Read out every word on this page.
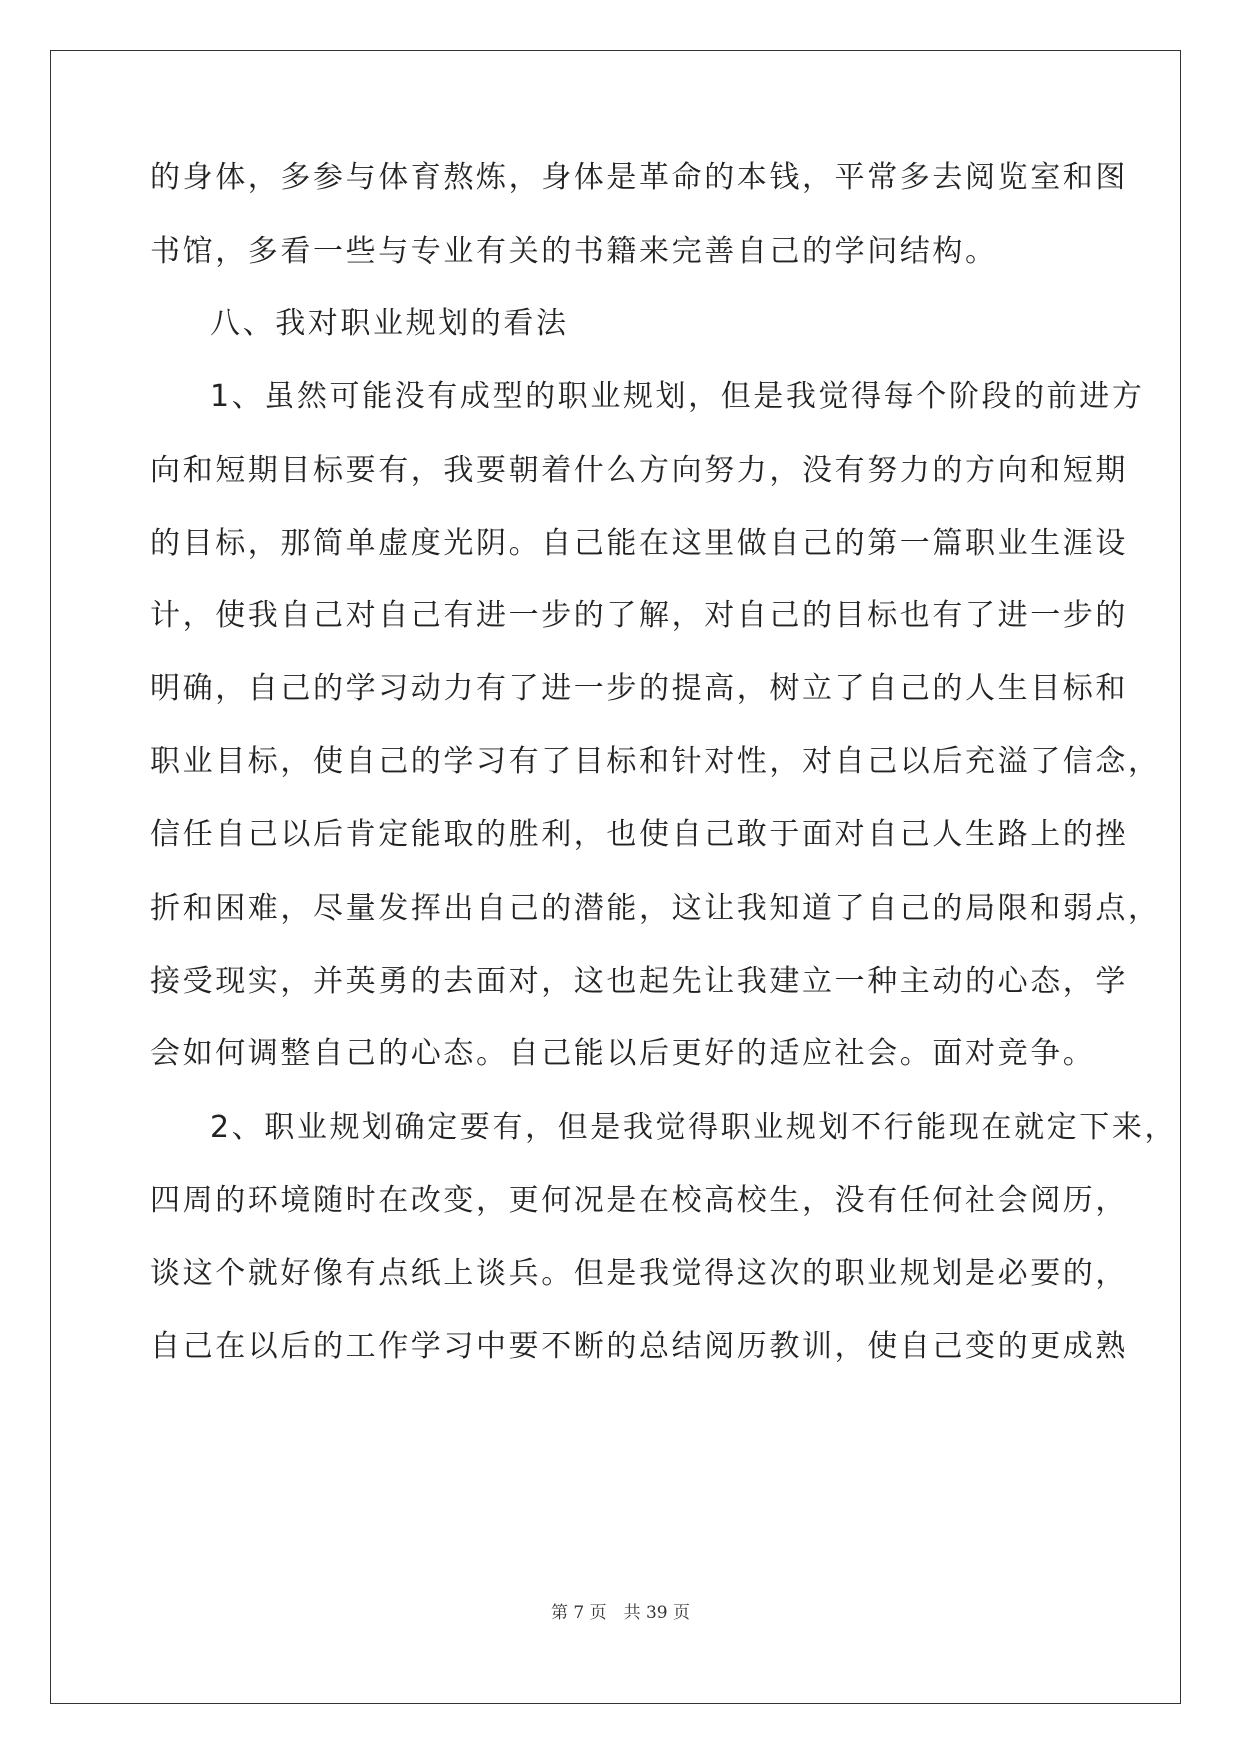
的身体，多参与体育熬炼，身体是革命的本钱，平常多去阅览室和图
书馆，多看一些与专业有关的书籍来完善自己的学问结构。
八、我对职业规划的看法
1、虽然可能没有成型的职业规划，但是我觉得每个阶段的前进方
向和短期目标要有，我要朝着什么方向努力，没有努力的方向和短期
的目标，那简单虚度光阴。自己能在这里做自己的第一篇职业生涯设
计，使我自己对自己有进一步的了解，对自己的目标也有了进一步的
明确，自己的学习动力有了进一步的提高，树立了自己的人生目标和
职业目标，使自己的学习有了目标和针对性，对自己以后充溢了信念，
信任自己以后肯定能取的胜利，也使自己敢于面对自己人生路上的挫
折和困难，尽量发挥出自己的潜能，这让我知道了自己的局限和弱点，
接受现实，并英勇的去面对，这也起先让我建立一种主动的心态，学
会如何调整自己的心态。自己能以后更好的适应社会。面对竞争。
2、职业规划确定要有，但是我觉得职业规划不行能现在就定下来，
四周的环境随时在改变，更何况是在校高校生，没有任何社会阅历，
谈这个就好像有点纸上谈兵。但是我觉得这次的职业规划是必要的，
自己在以后的工作学习中要不断的总结阅历教训，使自己变的更成熟
第 7 页　共 39 页
